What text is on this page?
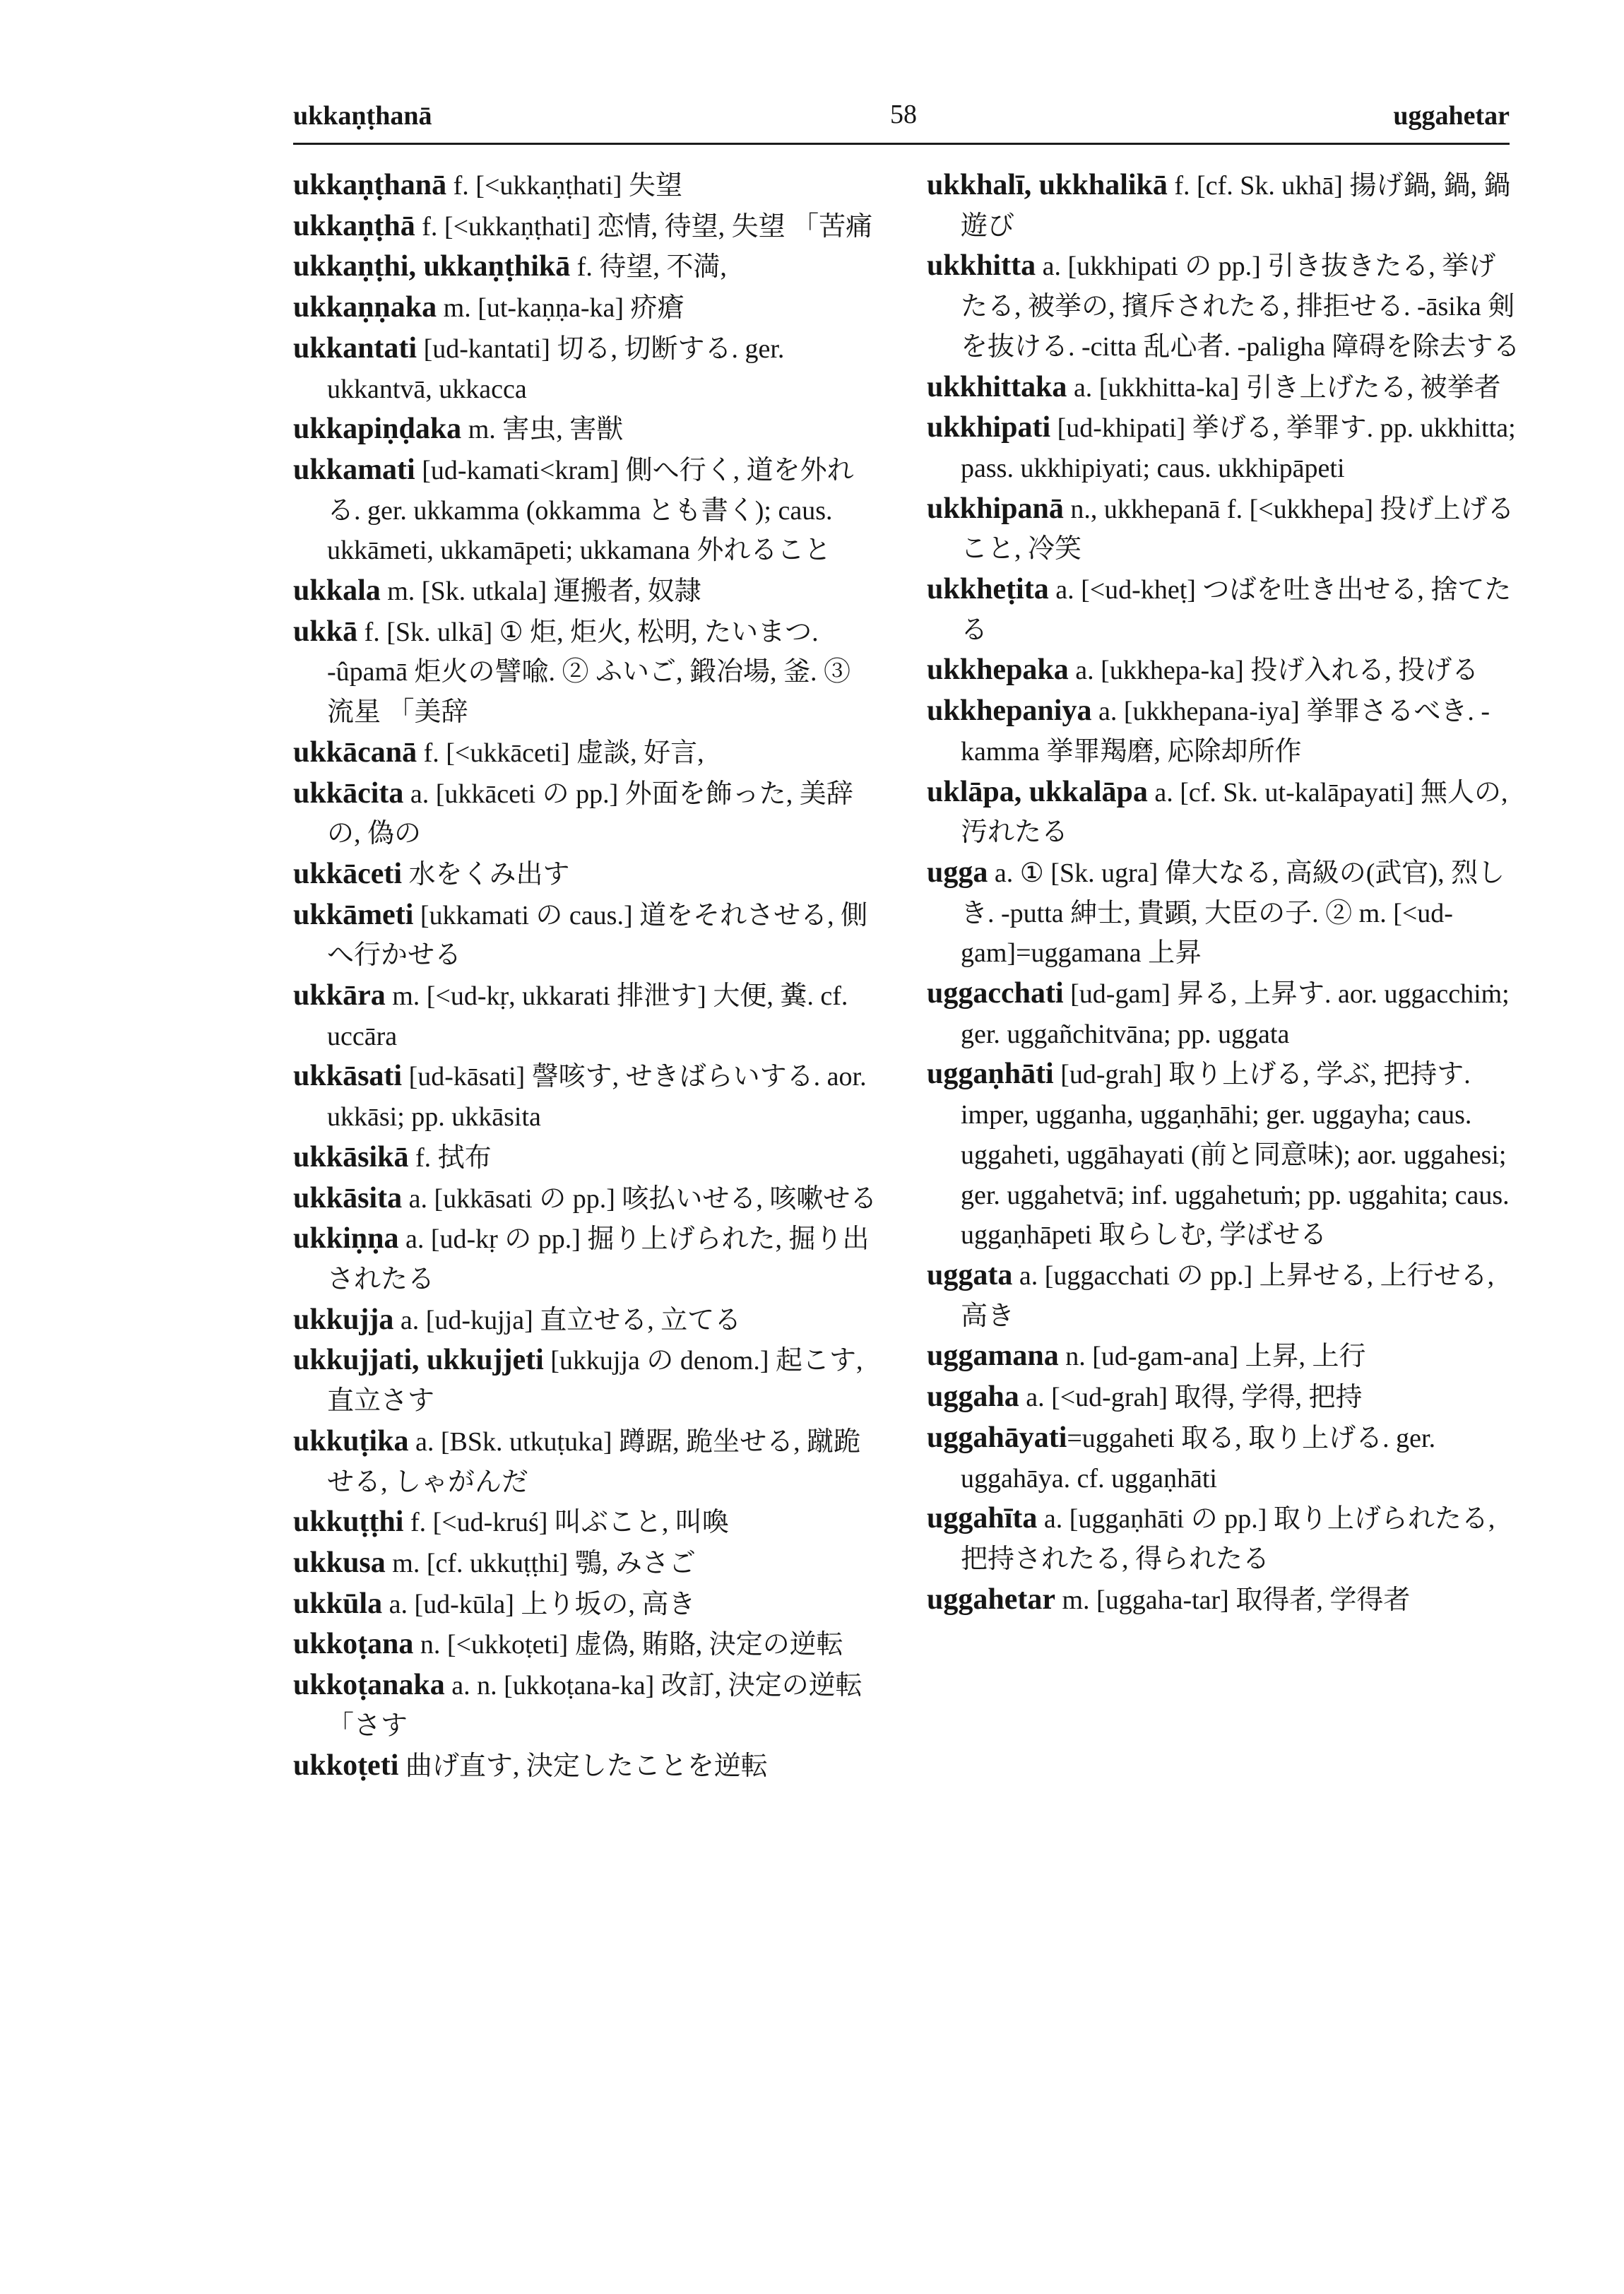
ukkaṇṭhanā	58	uggahetar

ukkaṇṭhanā f. [<ukkaṇṭhati] 失望

ukkaṇṭhā f. [<ukkaṇṭhati] 恋情, 待望, 失望 「苦痛

ukkaṇṭhi, ukkaṇṭhikā f. 待望, 不満,

ukkaṇṇaka m. [ut-kaṇṇa-ka] 疥瘡

ukkantati [ud-kantati] 切る, 切断する. ger. ukkantvā, ukkacca

ukkapiṇḍaka m. 害虫, 害獣

ukkamati [ud-kamati<kram] 側へ行く, 道を外れる. ger. ukkamma (okkamma とも書く); caus. ukkāmeti, ukkamāpeti; ukkamana 外れること

ukkala m. [Sk. utkala] 運搬者, 奴隷

ukkā f. [Sk. ulkā] ① 炬, 炬火, 松明, たいまつ. -ûpamā 炬火の譬喩. ② ふいご, 鍛冶場, 釜. ③ 流星 「美辞

ukkācanā f. [<ukkāceti] 虚談, 好言,

ukkācita a. [ukkāceti の pp.] 外面を飾った, 美辞の, 偽の

ukkāceti 水をくみ出す

ukkāmeti [ukkamati の caus.] 道をそれさせる, 側へ行かせる

ukkāra m. [<ud-kṛ, ukkarati 排泄す] 大便, 糞. cf. uccāra

ukkāsati [ud-kāsati] 謦咳す, せきばらいする. aor. ukkāsi; pp. ukkāsita

ukkāsikā f. 拭布

ukkāsita a. [ukkāsati の pp.] 咳払いせる, 咳嗽せる

ukkiṇṇa a. [ud-kṛ の pp.] 掘り上げられた, 掘り出されたる

ukkujja a. [ud-kujja] 直立せる, 立てる

ukkujjati, ukkujjeti [ukkujja の denom.] 起こす, 直立さす

ukkuṭika a. [BSk. utkuṭuka] 蹲踞, 跪坐せる, 蹴跪せる, しゃがんだ

ukkuṭṭhi f. [<ud-kruś] 叫ぶこと, 叫喚

ukkusa m. [cf. ukkuṭṭhi] 鶚, みさご

ukkūla a. [ud-kūla] 上り坂の, 高き

ukkoṭana n. [<ukkoṭeti] 虚偽, 賄賂, 決定の逆転

ukkoṭanaka a. n. [ukkoṭana-ka] 改訂, 決定の逆転 「さす

ukkoṭeti 曲げ直す, 決定したことを逆転

ukkhalī, ukkhalikā f. [cf. Sk. ukhā] 揚げ鍋, 鍋, 鍋遊び

ukkhitta a. [ukkhipati の pp.] 引き抜きたる, 挙げたる, 被挙の, 擯斥されたる, 排拒せる. -āsika 剣を抜ける. -citta 乱心者. -paligha 障碍を除去する

ukkhittaka a. [ukkhitta-ka] 引き上げたる, 被挙者

ukkhipati [ud-khipati] 挙げる, 挙罪す. pp. ukkhitta; pass. ukkhipiyati; caus. ukkhipāpeti

ukkhipanā n., ukkhepanā f. [<ukkhepa] 投げ上げること, 冷笑

ukkheṭita a. [<ud-kheṭ] つばを吐き出せる, 捨てたる

ukkhepaka a. [ukkhepa-ka] 投げ入れる, 投げる

ukkhepaniya a. [ukkhepana-iya] 挙罪さるべき. -kamma 挙罪羯磨, 応除却所作

uklāpa, ukkalāpa a. [cf. Sk. ut-kalāpayati] 無人の, 汚れたる

ugga a. ① [Sk. ugra] 偉大なる, 高級の(武官), 烈しき. -putta 紳士, 貴顕, 大臣の子. ② m. [<ud-gam]=uggamana 上昇

uggacchati [ud-gam] 昇る, 上昇す. aor. uggacchiṁ; ger. uggañchitvāna; pp. uggata

uggaṇhāti [ud-grah] 取り上げる, 学ぶ, 把持す. imper, ugganha, uggaṇhāhi; ger. uggayha; caus. uggaheti, uggāhayati (前と同意味); aor. uggahesi; ger. uggahetvā; inf. uggahetuṁ; pp. uggahita; caus. uggaṇhāpeti 取らしむ, 学ばせる

uggata a. [uggacchati の pp.] 上昇せる, 上行せる, 高き

uggamana n. [ud-gam-ana] 上昇, 上行

uggaha a. [<ud-grah] 取得, 学得, 把持

uggahāyati=uggaheti 取る, 取り上げる. ger. uggahāya. cf. uggaṇhāti

uggahīta a. [uggaṇhāti の pp.] 取り上げられたる, 把持されたる, 得られたる

uggahetar m. [uggaha-tar] 取得者, 学得者
